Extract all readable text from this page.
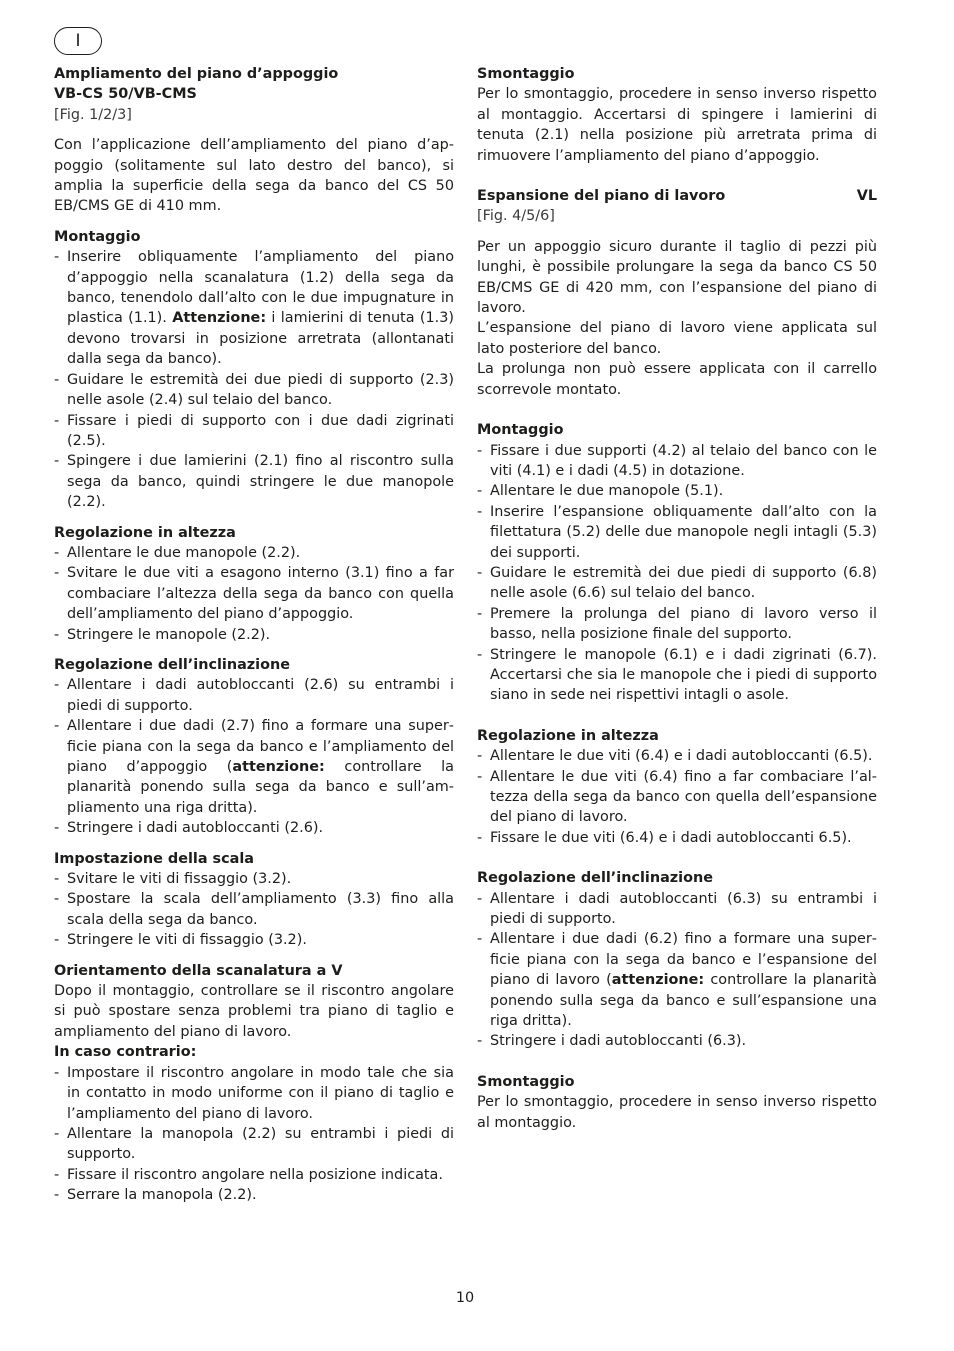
I
Ampliamento del piano d’appoggio
VB-CS 50/VB-CMS
[Fig. 1/2/3]

Con l’applicazione dell’ampliamento del piano d’appoggio (solitamente sul lato destro del banco), si amplia la superficie della sega da banco del CS 50 EB/CMS GE di 410 mm.

Montaggio
- Inserire obliquamente l’ampliamento del piano d’appoggio nella scanalatura (1.2) della sega da banco, tenendolo dall’alto con le due impugnature in plastica (1.1). Attenzione: i lamierini di tenuta (1.3) devono trovarsi in posizione arretrata (allontanati dalla sega da banco).
- Guidare le estremità dei due piedi di supporto (2.3) nelle asole (2.4) sul telaio del banco.
- Fissare i piedi di supporto con i due dadi zigrinati (2.5).
- Spingere i due lamierini (2.1) fino al riscontro sulla sega da banco, quindi stringere le due manopole (2.2).
Regolazione in altezza
- Allentare le due manopole (2.2).
- Svitare le due viti a esagono interno (3.1) fino a far combaciare l’altezza della sega da banco con quella dell’ampliamento del piano d’appoggio.
- Stringere le manopole (2.2).
Regolazione dell’inclinazione
- Allentare i dadi autobloccanti (2.6) su entrambi i piedi di supporto.
- Allentare i due dadi (2.7) fino a formare una superficie piana con la sega da banco e l’ampliamento del piano d’appoggio (attenzione: controllare la planarità ponendo sulla sega da banco e sull’ampliamento una riga dritta).
- Stringere i dadi autobloccanti (2.6).
Impostazione della scala
- Svitare le viti di fissaggio (3.2).
- Spostare la scala dell’ampliamento (3.3) fino alla scala della sega da banco.
- Stringere le viti di fissaggio (3.2).
Orientamento della scanalatura a V

Dopo il montaggio, controllare se il riscontro angolare si può spostare senza problemi tra piano di taglio e ampliamento del piano di lavoro.

In caso contrario:
- Impostare il riscontro angolare in modo tale che sia in contatto in modo uniforme con il piano di taglio e l’ampliamento del piano di lavoro.
- Allentare la manopola (2.2) su entrambi i piedi di supporto.
- Fissare il riscontro angolare nella posizione indicata.
- Serrare la manopola (2.2).
Smontaggio

Per lo smontaggio, procedere in senso inverso rispetto al montaggio. Accertarsi di spingere i lamierini di tenuta (2.1) nella posizione più arretrata prima di rimuovere l’ampliamento del piano d’appoggio.

Espansione del piano di lavoro	VL
[Fig. 4/5/6]

Per un appoggio sicuro durante il taglio di pezzi più lunghi, è possibile prolungare la sega da banco CS 50 EB/CMS GE di 420 mm, con l’espansione del piano di lavoro.

L’espansione del piano di lavoro viene applicata sul lato posteriore del banco.

La prolunga non può essere applicata con il carrello scorrevole montato.

Montaggio
- Fissare i due supporti (4.2) al telaio del banco con le viti (4.1) e i dadi (4.5) in dotazione.
- Allentare le due manopole (5.1).
- Inserire l’espansione obliquamente dall’alto con la filettatura (5.2) delle due manopole negli intagli (5.3) dei supporti.
- Guidare le estremità dei due piedi di supporto (6.8) nelle asole (6.6) sul telaio del banco.
- Premere la prolunga del piano di lavoro verso il basso, nella posizione finale del supporto.
- Stringere le manopole (6.1) e i dadi zigrinati (6.7). Accertarsi che sia le manopole che i piedi di supporto siano in sede nei rispettivi intagli o asole.
Regolazione in altezza
- Allentare le due viti (6.4) e i dadi autobloccanti (6.5).
- Allentare le due viti (6.4) fino a far combaciare l’altezza della sega da banco con quella dell’espansione del piano di lavoro.
- Fissare le due viti (6.4) e i dadi autobloccanti 6.5).
Regolazione dell’inclinazione
- Allentare i dadi autobloccanti (6.3) su entrambi i piedi di supporto.
- Allentare i due dadi (6.2) fino a formare una superficie piana con la sega da banco e l’espansione del piano di lavoro (attenzione: controllare la planarità ponendo sulla sega da banco e sull’espansione una riga dritta).
- Stringere i dadi autobloccanti (6.3).
Smontaggio

Per lo smontaggio, procedere in senso inverso rispetto al montaggio.

10
